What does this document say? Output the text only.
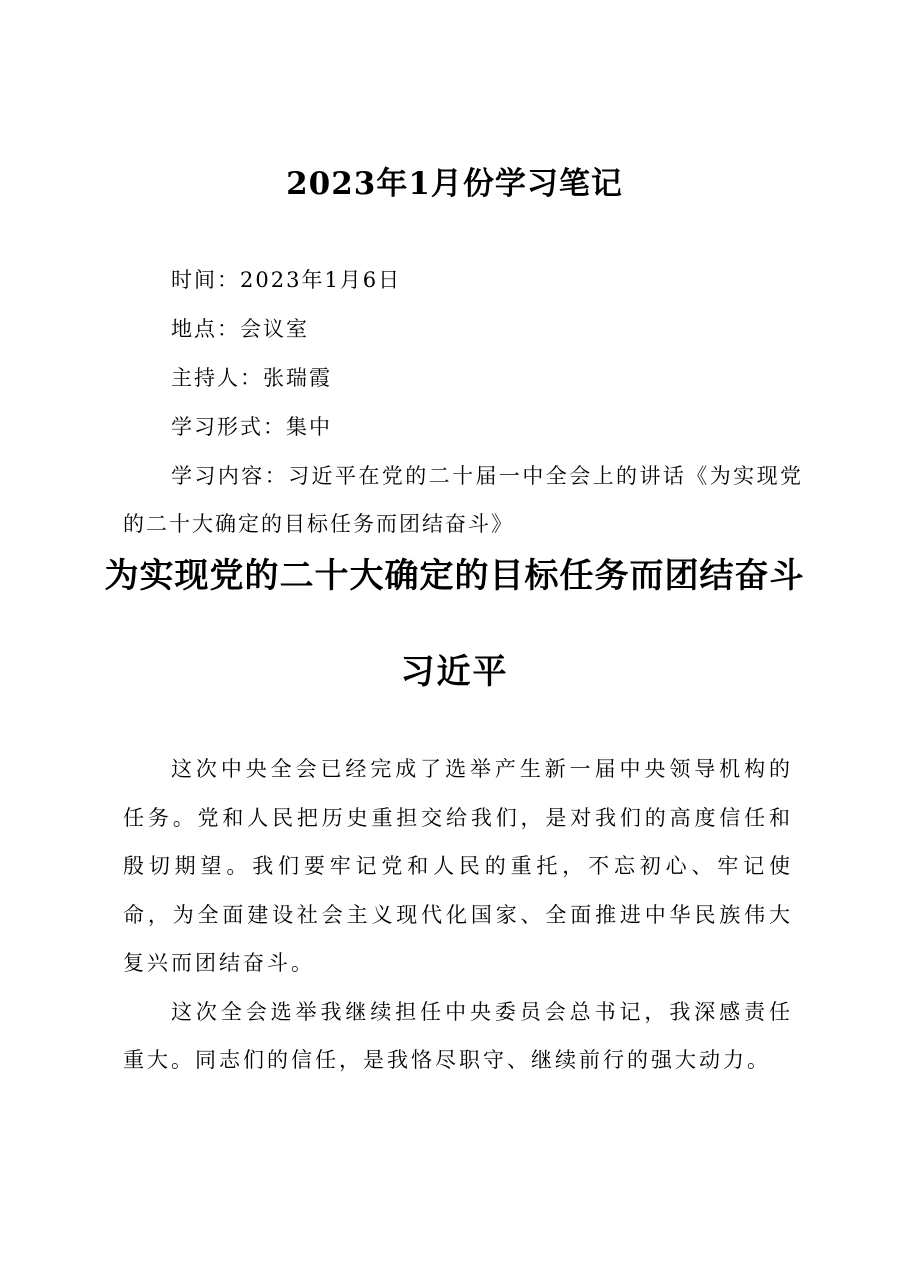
2023年1月份学习笔记
时间：2023年1月6日
地点：会议室
主持人：张瑞霞
学习形式：集中
学习内容：习近平在党的二十届一中全会上的讲话《为实现党的二十大确定的目标任务而团结奋斗》
为实现党的二十大确定的目标任务而团结奋斗
习近平

这次中央全会已经完成了选举产生新一届中央领导机构的任务。党和人民把历史重担交给我们，是对我们的高度信任和殷切期望。我们要牢记党和人民的重托，不忘初心、牢记使命，为全面建设社会主义现代化国家、全面推进中华民族伟大复兴而团结奋斗。

这次全会选举我继续担任中央委员会总书记，我深感责任重大。同志们的信任，是我恪尽职守、继续前行的强大动力。
